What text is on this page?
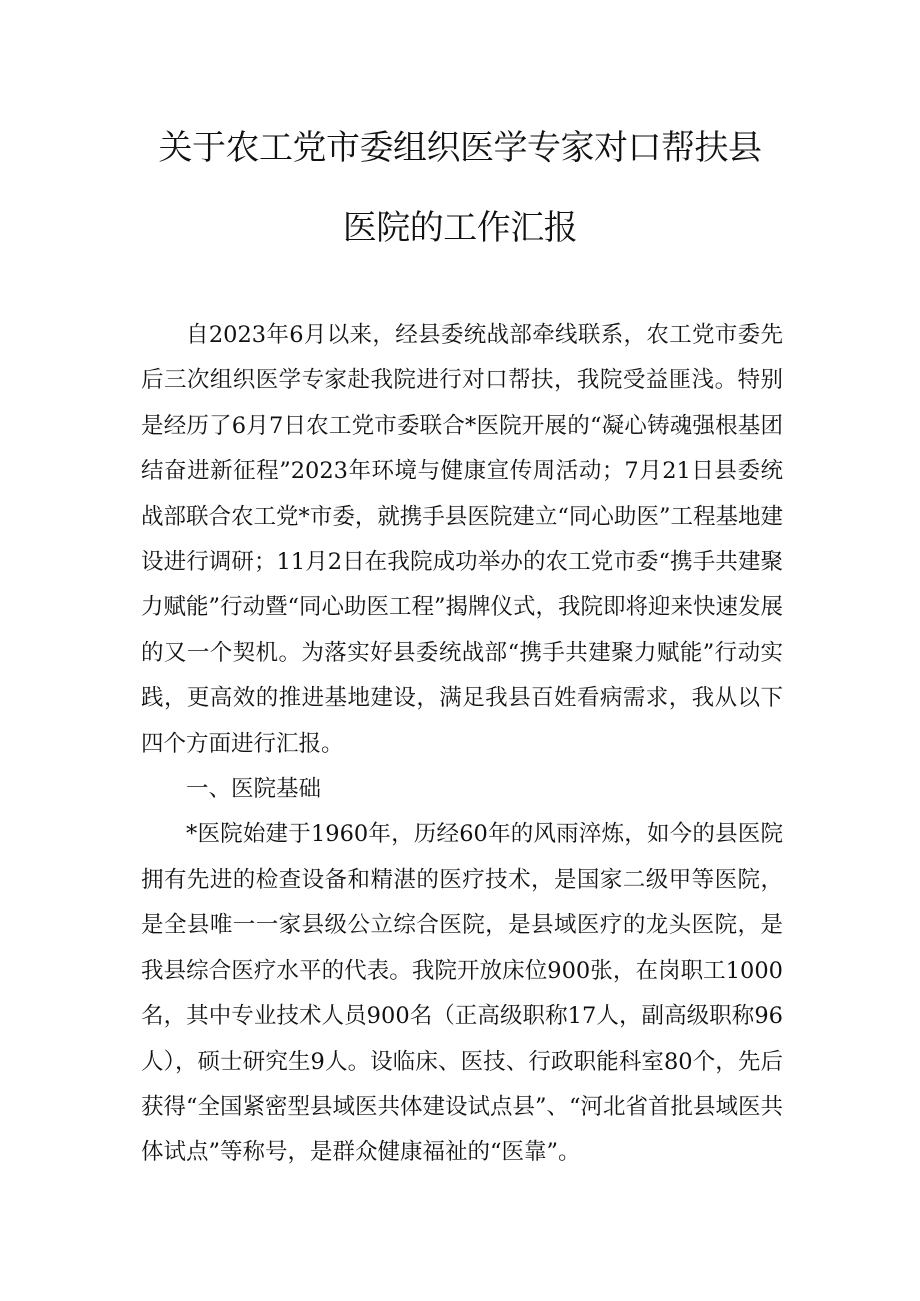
关于农工党市委组织医学专家对口帮扶县
医院的工作汇报

自2023年6月以来，经县委统战部牵线联系，农工党市委先后三次组织医学专家赴我院进行对口帮扶，我院受益匪浅。特别是经历了6月7日农工党市委联合*医院开展的“凝心铸魂强根基团结奋进新征程”2023年环境与健康宣传周活动；7月21日县委统战部联合农工党*市委，就携手县医院建立“同心助医”工程基地建设进行调研；11月2日在我院成功举办的农工党市委“携手共建聚力赋能”行动暨“同心助医工程”揭牌仪式，我院即将迎来快速发展的又一个契机。为落实好县委统战部“携手共建聚力赋能”行动实践，更高效的推进基地建设，满足我县百姓看病需求，我从以下四个方面进行汇报。

一、医院基础

*医院始建于1960年，历经60年的风雨淬炼，如今的县医院拥有先进的检查设备和精湛的医疗技术，是国家二级甲等医院，是全县唯一一家县级公立综合医院，是县域医疗的龙头医院，是我县综合医疗水平的代表。我院开放床位900张，在岗职工1000名，其中专业技术人员900名（正高级职称17人，副高级职称96人），硕士研究生9人。设临床、医技、行政职能科室80个，先后获得“全国紧密型县域医共体建设试点县”、“河北省首批县域医共体试点”等称号，是群众健康福祉的“医靠”。
